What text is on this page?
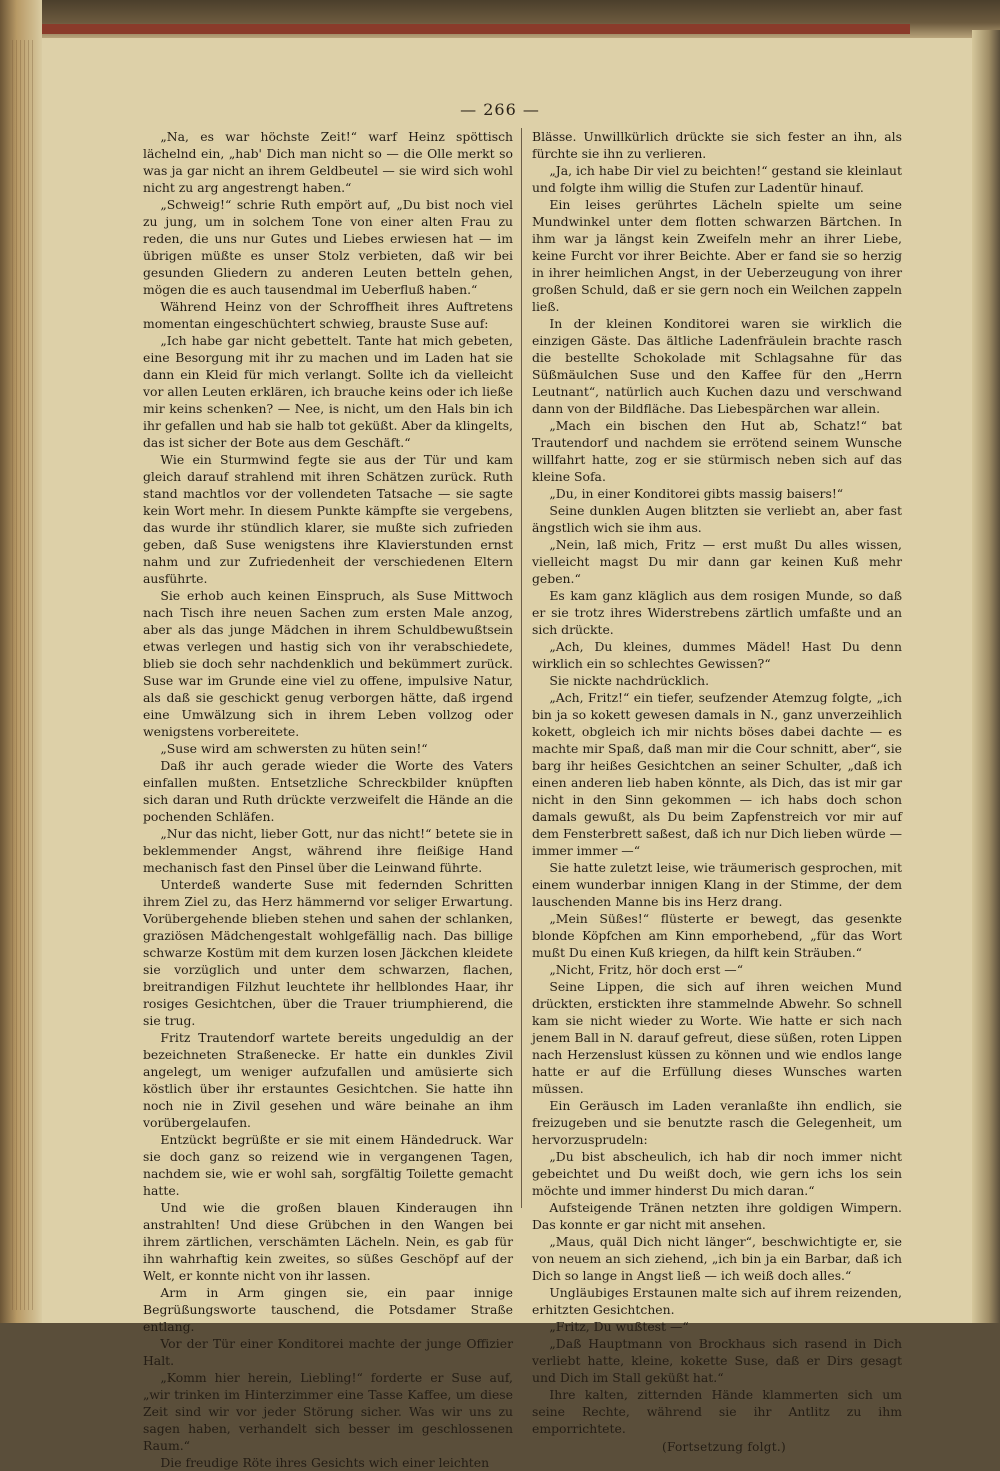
— 266 —

„Na, es war höchste Zeit!“ warf Heinz spöttisch lächelnd ein, „hab' Dich man nicht so — die Olle merkt so was ja gar nicht an ihrem Geldbeutel — sie wird sich wohl nicht zu arg angestrengt haben.“

„Schweig!“ schrie Ruth empört auf, „Du bist noch viel zu jung, um in solchem Tone von einer alten Frau zu reden, die uns nur Gutes und Liebes erwiesen hat — im übrigen müßte es unser Stolz verbieten, daß wir bei gesunden Gliedern zu anderen Leuten betteln gehen, mögen die es auch tausendmal im Ueberfluß haben.“

Während Heinz von der Schroffheit ihres Auftretens momentan eingeschüchtert schwieg, brauste Suse auf:

„Ich habe gar nicht gebettelt. Tante hat mich gebeten, eine Besorgung mit ihr zu machen und im Laden hat sie dann ein Kleid für mich verlangt. Sollte ich da vielleicht vor allen Leuten erklären, ich brauche keins oder ich ließe mir keins schenken? — Nee, is nicht, um den Hals bin ich ihr gefallen und hab sie halb tot geküßt. Aber da klingelts, das ist sicher der Bote aus dem Geschäft.“

Wie ein Sturmwind fegte sie aus der Tür und kam gleich darauf strahlend mit ihren Schätzen zurück. Ruth stand machtlos vor der vollendeten Tatsache — sie sagte kein Wort mehr. In diesem Punkte kämpfte sie vergebens, das wurde ihr stündlich klarer, sie mußte sich zufrieden geben, daß Suse wenigstens ihre Klavierstunden ernst nahm und zur Zufriedenheit der verschiedenen Eltern ausführte.

Sie erhob auch keinen Einspruch, als Suse Mittwoch nach Tisch ihre neuen Sachen zum ersten Male anzog, aber als das junge Mädchen in ihrem Schuldbewußtsein etwas verlegen und hastig sich von ihr verabschiedete, blieb sie doch sehr nachdenklich und bekümmert zurück. Suse war im Grunde eine viel zu offene, impulsive Natur, als daß sie geschickt genug verborgen hätte, daß irgend eine Umwälzung sich in ihrem Leben vollzog oder wenigstens vorbereitete.

„Suse wird am schwersten zu hüten sein!“

Daß ihr auch gerade wieder die Worte des Vaters einfallen mußten. Entsetzliche Schreckbilder knüpften sich daran und Ruth drückte verzweifelt die Hände an die pochenden Schläfen.

„Nur das nicht, lieber Gott, nur das nicht!“ betete sie in beklemmender Angst, während ihre fleißige Hand mechanisch fast den Pinsel über die Leinwand führte.

Unterdeß wanderte Suse mit federnden Schritten ihrem Ziel zu, das Herz hämmernd vor seliger Erwartung. Vorübergehende blieben stehen und sahen der schlanken, graziösen Mädchengestalt wohlgefällig nach. Das billige schwarze Kostüm mit dem kurzen losen Jäckchen kleidete sie vorzüglich und unter dem schwarzen, flachen, breitrandigen Filzhut leuchtete ihr hellblondes Haar, ihr rosiges Gesichtchen, über die Trauer triumphierend, die sie trug.

Fritz Trautendorf wartete bereits ungeduldig an der bezeichneten Straßenecke. Er hatte ein dunkles Zivil angelegt, um weniger aufzufallen und amüsierte sich köstlich über ihr erstauntes Gesichtchen. Sie hatte ihn noch nie in Zivil gesehen und wäre beinahe an ihm vorübergelaufen.

Entzückt begrüßte er sie mit einem Händedruck. War sie doch ganz so reizend wie in vergangenen Tagen, nachdem sie, wie er wohl sah, sorgfältig Toilette gemacht hatte.

Und wie die großen blauen Kinderaugen ihn anstrahlten! Und diese Grübchen in den Wangen bei ihrem zärtlichen, verschämten Lächeln. Nein, es gab für ihn wahrhaftig kein zweites, so süßes Geschöpf auf der Welt, er konnte nicht von ihr lassen.

Arm in Arm gingen sie, ein paar innige Begrüßungsworte tauschend, die Potsdamer Straße entlang.

Vor der Tür einer Konditorei machte der junge Offizier Halt.

„Komm hier herein, Liebling!“ forderte er Suse auf, „wir trinken im Hinterzimmer eine Tasse Kaffee, um diese Zeit sind wir vor jeder Störung sicher. Was wir uns zu sagen haben, verhandelt sich besser im geschlossenen Raum.“

Die freudige Röte ihres Gesichts wich einer leichten

Blässe. Unwillkürlich drückte sie sich fester an ihn, als fürchte sie ihn zu verlieren.

„Ja, ich habe Dir viel zu beichten!“ gestand sie kleinlaut und folgte ihm willig die Stufen zur Ladentür hinauf.

Ein leises gerührtes Lächeln spielte um seine Mundwinkel unter dem flotten schwarzen Bärtchen. In ihm war ja längst kein Zweifeln mehr an ihrer Liebe, keine Furcht vor ihrer Beichte. Aber er fand sie so herzig in ihrer heimlichen Angst, in der Ueberzeugung von ihrer großen Schuld, daß er sie gern noch ein Weilchen zappeln ließ.

In der kleinen Konditorei waren sie wirklich die einzigen Gäste. Das ältliche Ladenfräulein brachte rasch die bestellte Schokolade mit Schlagsahne für das Süßmäulchen Suse und den Kaffee für den „Herrn Leutnant“, natürlich auch Kuchen dazu und verschwand dann von der Bildfläche. Das Liebespärchen war allein.

„Mach ein bischen den Hut ab, Schatz!“ bat Trautendorf und nachdem sie errötend seinem Wunsche willfahrt hatte, zog er sie stürmisch neben sich auf das kleine Sofa.

„Du, in einer Konditorei gibts massig baisers!“

Seine dunklen Augen blitzten sie verliebt an, aber fast ängstlich wich sie ihm aus.

„Nein, laß mich, Fritz — erst mußt Du alles wissen, vielleicht magst Du mir dann gar keinen Kuß mehr geben.“

Es kam ganz kläglich aus dem rosigen Munde, so daß er sie trotz ihres Widerstrebens zärtlich umfaßte und an sich drückte.

„Ach, Du kleines, dummes Mädel! Hast Du denn wirklich ein so schlechtes Gewissen?“

Sie nickte nachdrücklich.

„Ach, Fritz!“ ein tiefer, seufzender Atemzug folgte, „ich bin ja so kokett gewesen damals in N., ganz unverzeihlich kokett, obgleich ich mir nichts böses dabei dachte — es machte mir Spaß, daß man mir die Cour schnitt, aber“, sie barg ihr heißes Gesichtchen an seiner Schulter, „daß ich einen anderen lieb haben könnte, als Dich, das ist mir gar nicht in den Sinn gekommen — ich habs doch schon damals gewußt, als Du beim Zapfenstreich vor mir auf dem Fensterbrett saßest, daß ich nur Dich lieben würde — immer immer —“

Sie hatte zuletzt leise, wie träumerisch gesprochen, mit einem wunderbar innigen Klang in der Stimme, der dem lauschenden Manne bis ins Herz drang.

„Mein Süßes!“ flüsterte er bewegt, das gesenkte blonde Köpfchen am Kinn emporhebend, „für das Wort mußt Du einen Kuß kriegen, da hilft kein Sträuben.“

„Nicht, Fritz, hör doch erst —“

Seine Lippen, die sich auf ihren weichen Mund drückten, erstickten ihre stammelnde Abwehr. So schnell kam sie nicht wieder zu Worte. Wie hatte er sich nach jenem Ball in N. darauf gefreut, diese süßen, roten Lippen nach Herzenslust küssen zu können und wie endlos lange hatte er auf die Erfüllung dieses Wunsches warten müssen.

Ein Geräusch im Laden veranlaßte ihn endlich, sie freizugeben und sie benutzte rasch die Gelegenheit, um hervorzusprudeln:

„Du bist abscheulich, ich hab dir noch immer nicht gebeichtet und Du weißt doch, wie gern ichs los sein möchte und immer hinderst Du mich daran.“

Aufsteigende Tränen netzten ihre goldigen Wimpern. Das konnte er gar nicht mit ansehen.

„Maus, quäl Dich nicht länger“, beschwichtigte er, sie von neuem an sich ziehend, „ich bin ja ein Barbar, daß ich Dich so lange in Angst ließ — ich weiß doch alles.“

Ungläubiges Erstaunen malte sich auf ihrem reizenden, erhitzten Gesichtchen.

„Fritz, Du wußtest —“

„Daß Hauptmann von Brockhaus sich rasend in Dich verliebt hatte, kleine, kokette Suse, daß er Dirs gesagt und Dich im Stall geküßt hat.“

Ihre kalten, zitternden Hände klammerten sich um seine Rechte, während sie ihr Antlitz zu ihm emporrichtete.

(Fortsetzung folgt.)
